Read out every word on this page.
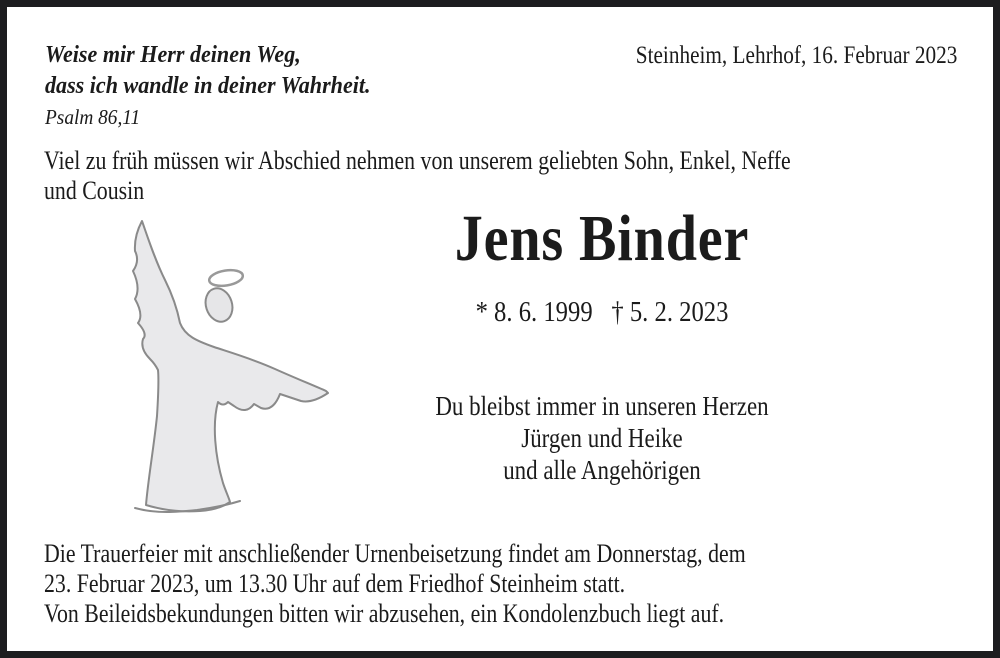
Weise mir Herr deinen Weg,
dass ich wandle in deiner Wahrheit.
Psalm 86,11
Steinheim, Lehrhof, 16. Februar 2023
Viel zu früh müssen wir Abschied nehmen von unserem geliebten Sohn, Enkel, Neffe
und Cousin
Jens Binder
* 8. 6. 1999 † 5. 2. 2023
Du bleibst immer in unseren Herzen
Jürgen und Heike
und alle Angehörigen
Die Trauerfeier mit anschließender Urnenbeisetzung findet am Donnerstag, dem
23. Februar 2023, um 13.30 Uhr auf dem Friedhof Steinheim statt.
Von Beileidsbekundungen bitten wir abzusehen, ein Kondolenzbuch liegt auf.
